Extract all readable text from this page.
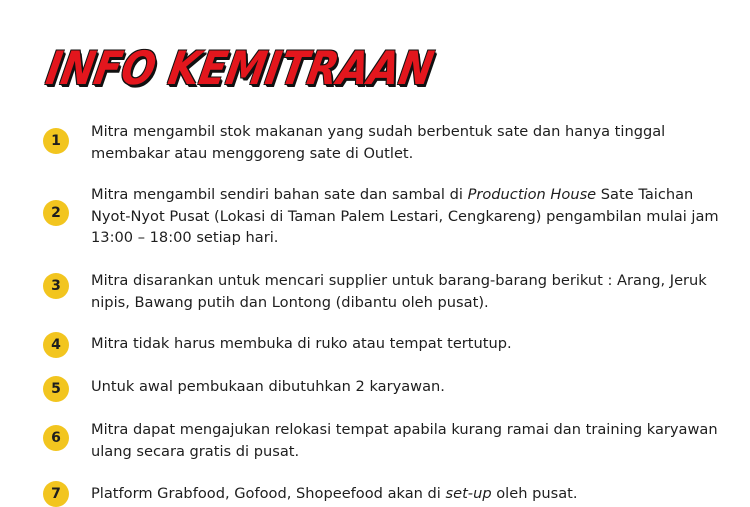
INFO KEMITRAAN
1
Mitra mengambil stok makanan yang sudah berbentuk sate dan hanya tinggal membakar atau menggoreng sate di Outlet.
2
Mitra mengambil sendiri bahan sate dan sambal di Production House Sate Taichan Nyot-Nyot Pusat (Lokasi di Taman Palem Lestari, Cengkareng) pengambilan mulai jam 13:00 – 18:00 setiap hari.
3	Mitra disarankan untuk mencari supplier untuk barang-barang berikut : Arang, Jeruk nipis, Bawang putih dan Lontong (dibantu oleh pusat).
4	Mitra tidak harus membuka di ruko atau tempat tertutup.
5	Untuk awal pembukaan dibutuhkan 2 karyawan.
6	Mitra dapat mengajukan relokasi tempat apabila kurang ramai dan training karyawan ulang secara gratis di pusat.
7	Platform Grabfood, Gofood, Shopeefood akan di set-up oleh pusat.
